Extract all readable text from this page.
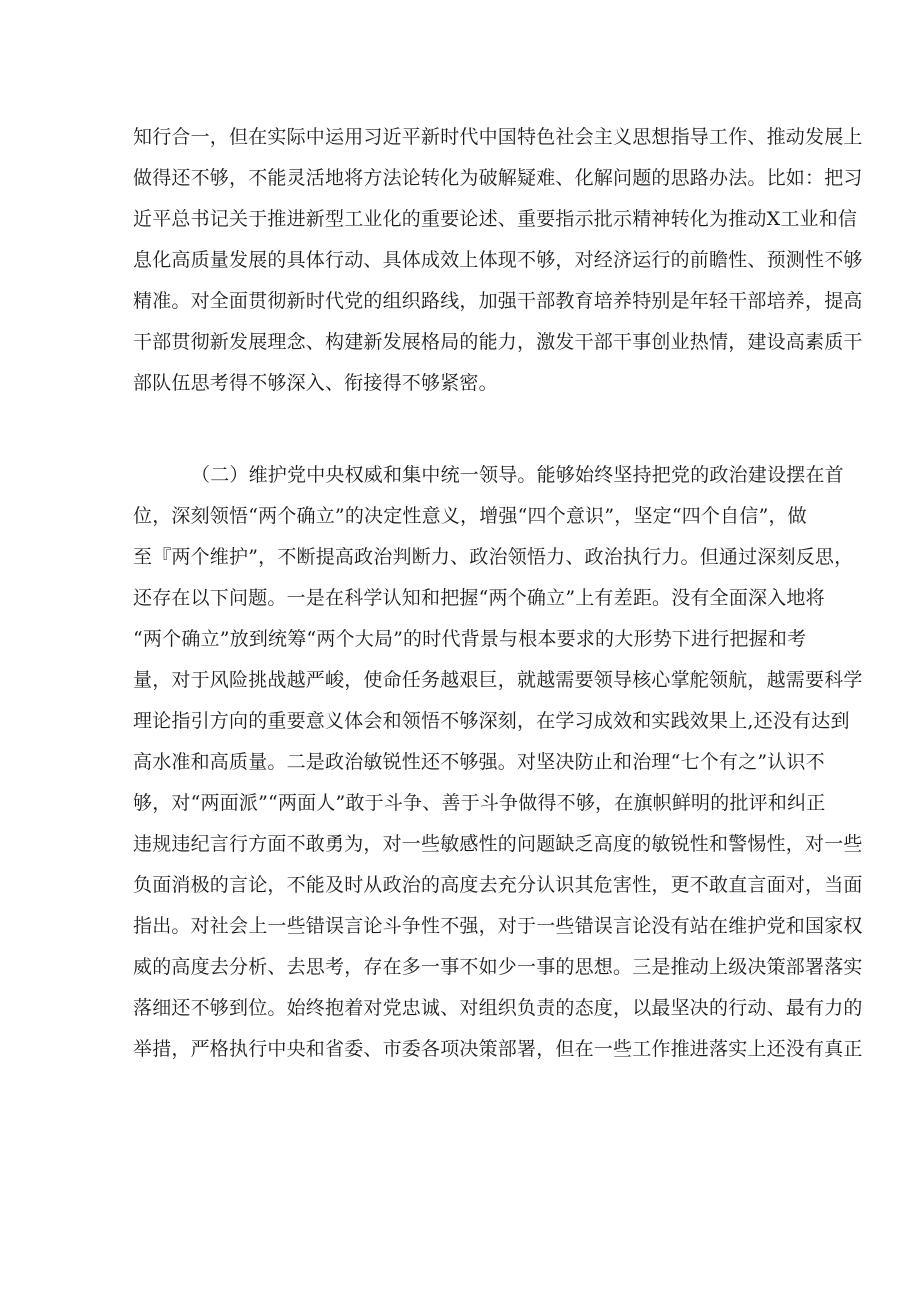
知行合一，但在实际中运用习近平新时代中国特色社会主义思想指导工作、推动发展上
做得还不够，不能灵活地将方法论转化为破解疑难、化解问题的思路办法。比如：把习
近平总书记关于推进新型工业化的重要论述、重要指示批示精神转化为推动X工业和信
息化高质量发展的具体行动、具体成效上体现不够，对经济运行的前瞻性、预测性不够
精准。对全面贯彻新时代党的组织路线，加强干部教育培养特别是年轻干部培养，提高
干部贯彻新发展理念、构建新发展格局的能力，激发干部干事创业热情，建设高素质干
部队伍思考得不够深入、衔接得不够紧密。
（二）维护党中央权威和集中统一领导。能够始终坚持把党的政治建设摆在首
位，深刻领悟“两个确立”的决定性意义，增强“四个意识”，坚定“四个自信”，做
至『两个维护”，不断提高政治判断力、政治领悟力、政治执行力。但通过深刻反思，
还存在以下问题。一是在科学认知和把握“两个确立”上有差距。没有全面深入地将
“两个确立”放到统筹“两个大局”的时代背景与根本要求的大形势下进行把握和考
量，对于风险挑战越严峻，使命任务越艰巨，就越需要领导核心掌舵领航，越需要科学
理论指引方向的重要意义体会和领悟不够深刻，在学习成效和实践效果上,还没有达到
高水准和高质量。二是政治敏锐性还不够强。对坚决防止和治理“七个有之”认识不
够，对“两面派”“两面人”敢于斗争、善于斗争做得不够，在旗帜鲜明的批评和纠正
违规违纪言行方面不敢勇为，对一些敏感性的问题缺乏高度的敏锐性和警惕性，对一些
负面消极的言论，不能及时从政治的高度去充分认识其危害性，更不敢直言面对，当面
指出。对社会上一些错误言论斗争性不强，对于一些错误言论没有站在维护党和国家权
威的高度去分析、去思考，存在多一事不如少一事的思想。三是推动上级决策部署落实
落细还不够到位。始终抱着对党忠诚、对组织负责的态度，以最坚决的行动、最有力的
举措，严格执行中央和省委、市委各项决策部署，但在一些工作推进落实上还没有真正
